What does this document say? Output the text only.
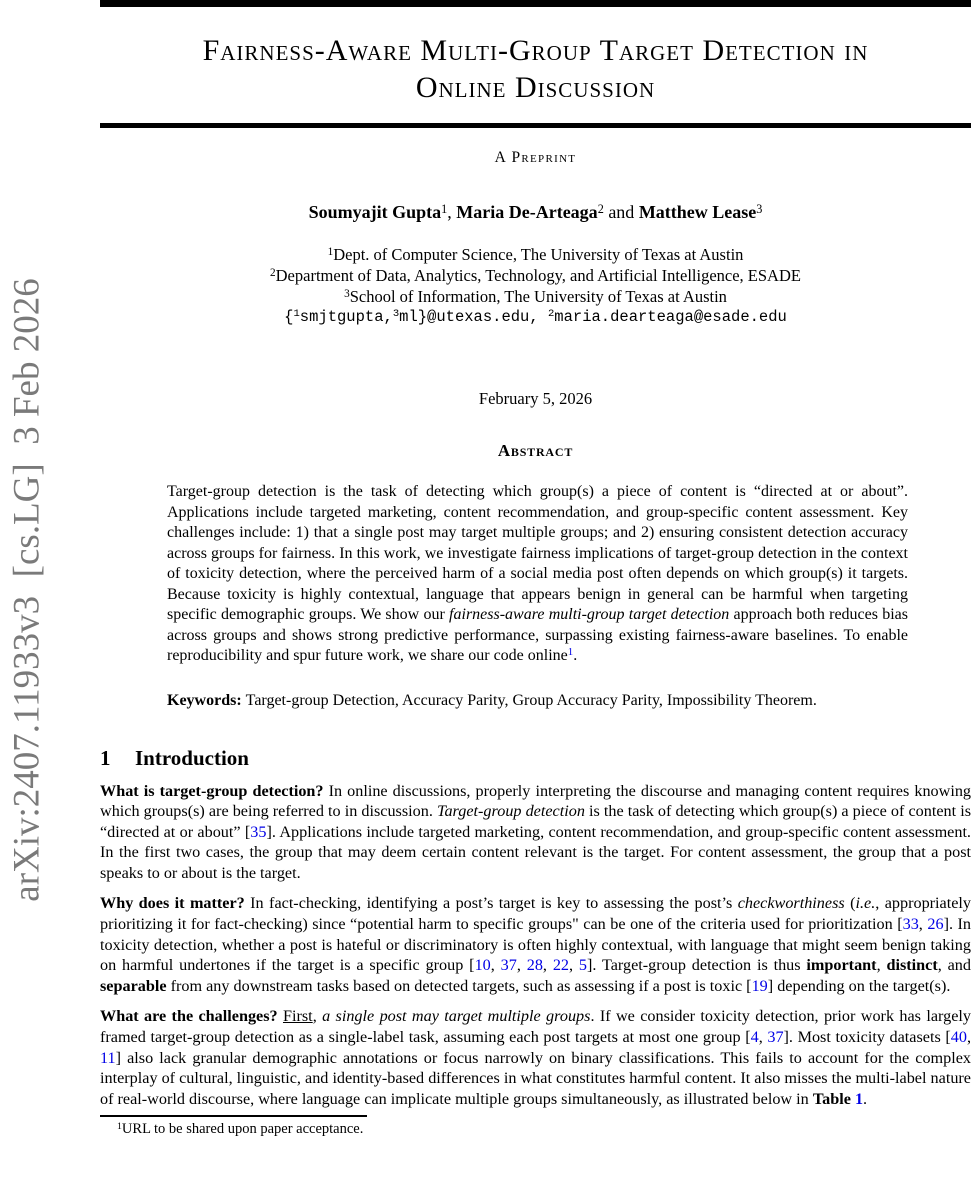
arXiv:2407.11933v3  [cs.LG]  3 Feb 2026
Fairness-Aware Multi-Group Target Detection in
Online Discussion
A Preprint
Soumyajit Gupta$^1$, Maria De-Arteaga$^2$ and Matthew Lease$^3$
$^1$Dept. of Computer Science, The University of Texas at Austin
$^2$Department of Data, Analytics, Technology, and Artificial Intelligence, ESADE
$^3$School of Information, The University of Texas at Austin
{$^1$smjtgupta,$^3$ml}@utexas.edu, $^2$maria.dearteaga@esade.edu
February 5, 2026
Abstract

Target-group detection is the task of detecting which group(s) a piece of content is “directed at or about”. Applications include targeted marketing, content recommendation, and group-specific content assessment. Key challenges include: 1) that a single post may target multiple groups; and 2) ensuring consistent detection accuracy across groups for fairness. In this work, we investigate fairness implications of target-group detection in the context of toxicity detection, where the perceived harm of a social media post often depends on which group(s) it targets. Because toxicity is highly contextual, language that appears benign in general can be harmful when targeting specific demographic groups. We show our fairness-aware multi-group target detection approach both reduces bias across groups and shows strong predictive performance, surpassing existing fairness-aware baselines. To enable reproducibility and spur future work, we share our code online$^1$.

Keywords: Target-group Detection, Accuracy Parity, Group Accuracy Parity, Impossibility Theorem.

1 Introduction

What is target-group detection? In online discussions, properly interpreting the discourse and managing content requires knowing which groups(s) are being referred to in discussion. Target-group detection is the task of detecting which group(s) a piece of content is “directed at or about” [35]. Applications include targeted marketing, content recommendation, and group-specific content assessment. In the first two cases, the group that may deem certain content relevant is the target. For content assessment, the group that a post speaks to or about is the target.

Why does it matter? In fact-checking, identifying a post’s target is key to assessing the post’s checkworthiness (i.e., appropriately prioritizing it for fact-checking) since “potential harm to specific groups" can be one of the criteria used for prioritization [33, 26]. In toxicity detection, whether a post is hateful or discriminatory is often highly contextual, with language that might seem benign taking on harmful undertones if the target is a specific group [10, 37, 28, 22, 5]. Target-group detection is thus important, distinct, and separable from any downstream tasks based on detected targets, such as assessing if a post is toxic [19] depending on the target(s).

What are the challenges? First, a single post may target multiple groups. If we consider toxicity detection, prior work has largely framed target-group detection as a single-label task, assuming each post targets at most one group [4, 37]. Most toxicity datasets [40, 11] also lack granular demographic annotations or focus narrowly on binary classifications. This fails to account for the complex interplay of cultural, linguistic, and identity-based differences in what constitutes harmful content. It also misses the multi-label nature of real-world discourse, where language can implicate multiple groups simultaneously, as illustrated below in Table 1.

$^1$URL to be shared upon paper acceptance.
